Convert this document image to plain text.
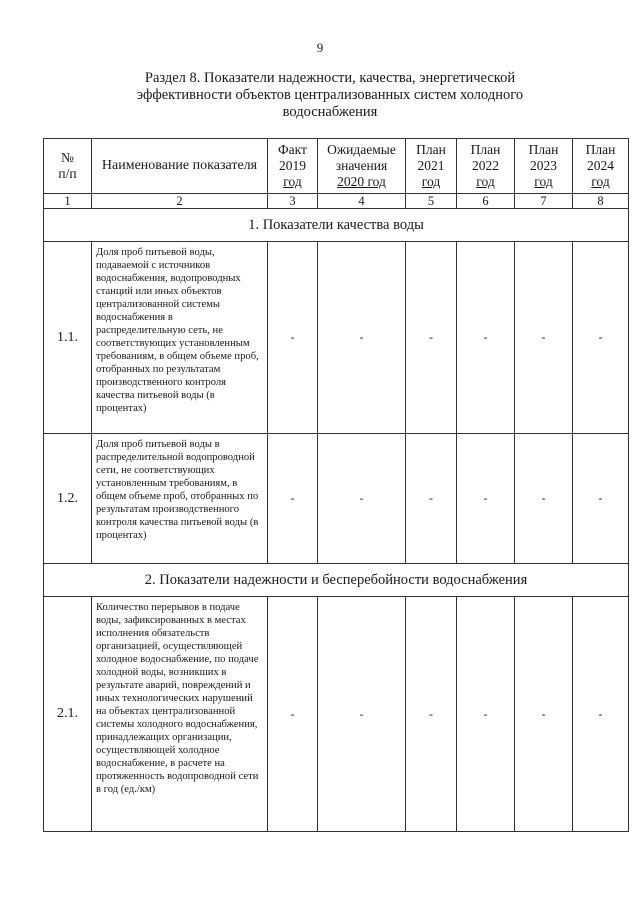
9
Раздел 8. Показатели надежности, качества, энергетической
эффективности объектов централизованных систем холодного
водоснабжения
№
п/п	Наименование показателя	Факт
2019
год	Ожидаемые
значения
2020 год	План
2021
год	План
2022
год	План
2023
год	План
2024
год
1	2	3	4	5	6	7	8
1. Показатели качества воды							
1.1.	Доля проб питьевой воды, подаваемой с источников водоснабжения, водопроводных станций или иных объектов централизованной системы водоснабжения в распределительную сеть, не соответствующих установленным требованиям, в общем объеме проб, отобранных по результатам производственного контроля качества питьевой воды (в процентах)	-	-	-	-	-	-
1.2.	Доля проб питьевой воды в распределительной водопроводной сети, не соответствующих установленным требованиям, в общем объеме проб, отобранных по результатам производственного контроля качества питьевой воды (в процентах)	-	-	-	-	-	-
2. Показатели надежности и бесперебойности водоснабжения							
2.1.	Количество перерывов в подаче воды, зафиксированных в местах исполнения обязательств организацией, осуществляющей холодное водоснабжение, по подаче холодной воды, возникших в результате аварий, повреждений и иных технологических нарушений на объектах централизованной системы холодного водоснабжения, принадлежащих организации, осуществляющей холодное водоснабжение, в расчете на протяженность водопроводной сети в год (ед./км)	-	-	-	-	-	-
